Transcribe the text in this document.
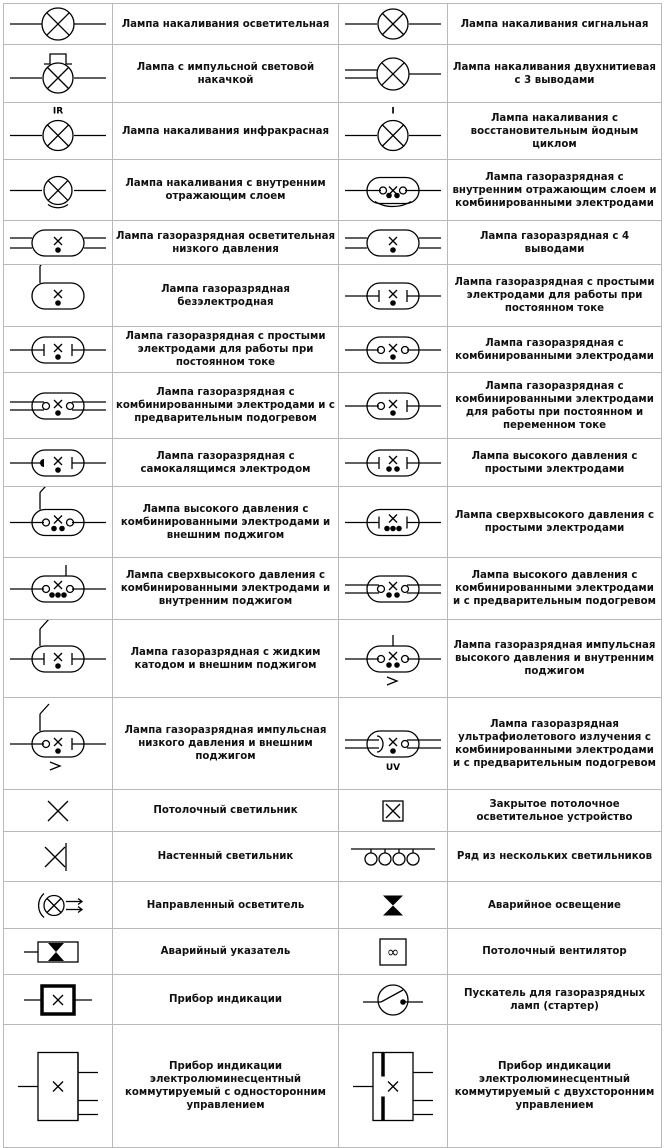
	Лампа накаливания осветительная		Лампа накаливания сигнальная

	Лампа с импульсной световой накачкой		Лампа накаливания двухнитиевая с 3 выводами

IR	Лампа накаливания инфракрасная	I	Лампа накаливания с восстановительным йодным циклом

	Лампа накаливания с внутренним отражающим слоем		Лампа газоразрядная с внутренним отражающим слоем и комбинированными электродами

	Лампа газоразрядная осветительная низкого давления		Лампа газоразрядная с 4 выводами

	Лампа газоразрядная безэлектродная		Лампа газоразрядная с простыми электродами для работы при постоянном токе

	Лампа газоразрядная с простыми электродами для работы при постоянном токе		Лампа газоразрядная с комбинированными электродами

	Лампа газоразрядная с комбинированными электродами и с предварительным подогревом		Лампа газоразрядная с комбинированными электродами для работы при постоянном и переменном токе

	Лампа газоразрядная с самокалящимся электродом		Лампа высокого давления с простыми электродами

	Лампа высокого давления с комбинированными электродами и внешним поджигом		Лампа сверхвысокого давления с простыми электродами

	Лампа сверхвысокого давления с комбинированными электродами и внутренним поджигом		Лампа высокого давления с комбинированными электродами и с предварительным подогревом

	Лампа газоразрядная с жидким катодом и внешним поджигом		Лампа газоразрядная импульсная высокого давления и внутренним поджигом

	Лампа газоразрядная импульсная низкого давления и внешним поджигом	UV	Лампа газоразрядная ультрафиолетового излучения с комбинированными электродами и с предварительным подогревом

	Потолочный светильник		Закрытое потолочное осветительное устройство

	Настенный светильник		Ряд из нескольких светильников

	Направленный осветитель		Аварийное освещение

	Аварийный указатель	∞	Потолочный вентилятор

	Прибор индикации		Пускатель для газоразрядных ламп (стартер)

	Прибор индикации электролюминесцентный коммутируемый с односторонним управлением		Прибор индикации электролюминесцентный коммутируемый с двухсторонним управлением
